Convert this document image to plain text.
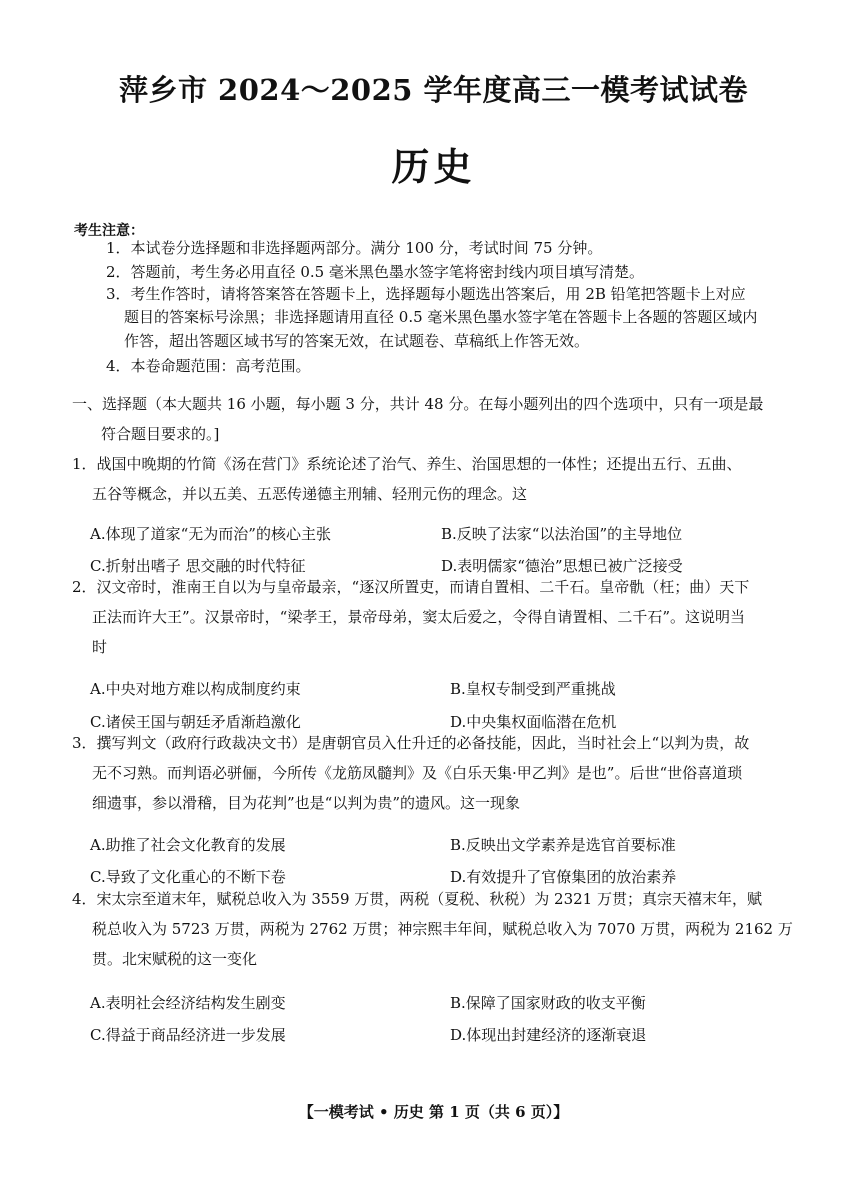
萍乡市 2024～2025 学年度高三一模考试试卷
历史
考生注意：
1．本试卷分选择题和非选择题两部分。满分 100 分，考试时间 75 分钟。
2．答题前，考生务必用直径 0.5 毫米黑色墨水签字笔将密封线内项目填写清楚。
3．考生作答时，请将答案答在答题卡上，选择题每小题选出答案后，用 2B 铅笔把答题卡上对应
题目的答案标号涂黑；非选择题请用直径 0.5 毫米黑色墨水签字笔在答题卡上各题的答题区域内
作答，超出答题区域书写的答案无效，在试题卷、草稿纸上作答无效。
4．本卷命题范围：高考范围。
一、选择题（本大题共 16 小题，每小题 3 分，共计 48 分。在每小题列出的四个选项中，只有一项是最
符合题目要求的。]
1．战国中晚期的竹简《汤在营门》系统论述了治气、养生、治国思想的一体性；还提出五行、五曲、
五谷等概念，并以五美、五恶传递德主刑辅、轻刑元伤的理念。这
A.体现了道家“无为而治”的核心主张	B.反映了法家“以法治国”的主导地位
C.折射出嗜子 思交融的时代特征	D.表明儒家“德治”思想已被广泛接受
2．汉文帝时，淮南王自以为与皇帝最亲，“逐汉所置吏，而请自置相、二千石。皇帝骩（枉；曲）天下
正法而许大王”。汉景帝时，“梁孝王，景帝母弟，窦太后爱之，令得自请置相、二千石”。这说明当
时
A.中央对地方难以构成制度约束	B.皇权专制受到严重挑战
C.诸侯王国与朝廷矛盾渐趋激化	D.中央集权面临潜在危机
3．撰写判文（政府行政裁决文书）是唐朝官员入仕升迁的必备技能，因此，当时社会上“以判为贵，故
无不习熟。而判语必骈俪，今所传《龙筋凤髓判》及《白乐天集·甲乙判》是也”。后世“世俗喜道琐
细遗事，参以滑稽，目为花判”也是“以判为贵”的遗风。这一现象
A.助推了社会文化教育的发展	B.反映出文学素养是选官首要标准
C.导致了文化重心的不断下卷	D.有效提升了官僚集团的放治素养
4．宋太宗至道末年，赋税总收入为 3559 万贯，两税（夏税、秋税）为 2321 万贯；真宗天禧末年，赋
税总收入为 5723 万贯，两税为 2762 万贯；神宗熙丰年间，赋税总收入为 7070 万贯，两税为 2162 万
贯。北宋赋税的这一变化
A.表明社会经济结构发生剧变	B.保障了国家财政的收支平衡
C.得益于商品经济进一步发展	D.体现出封建经济的逐渐衰退
【一模考试 • 历史 第 1 页（共 6 页）】
